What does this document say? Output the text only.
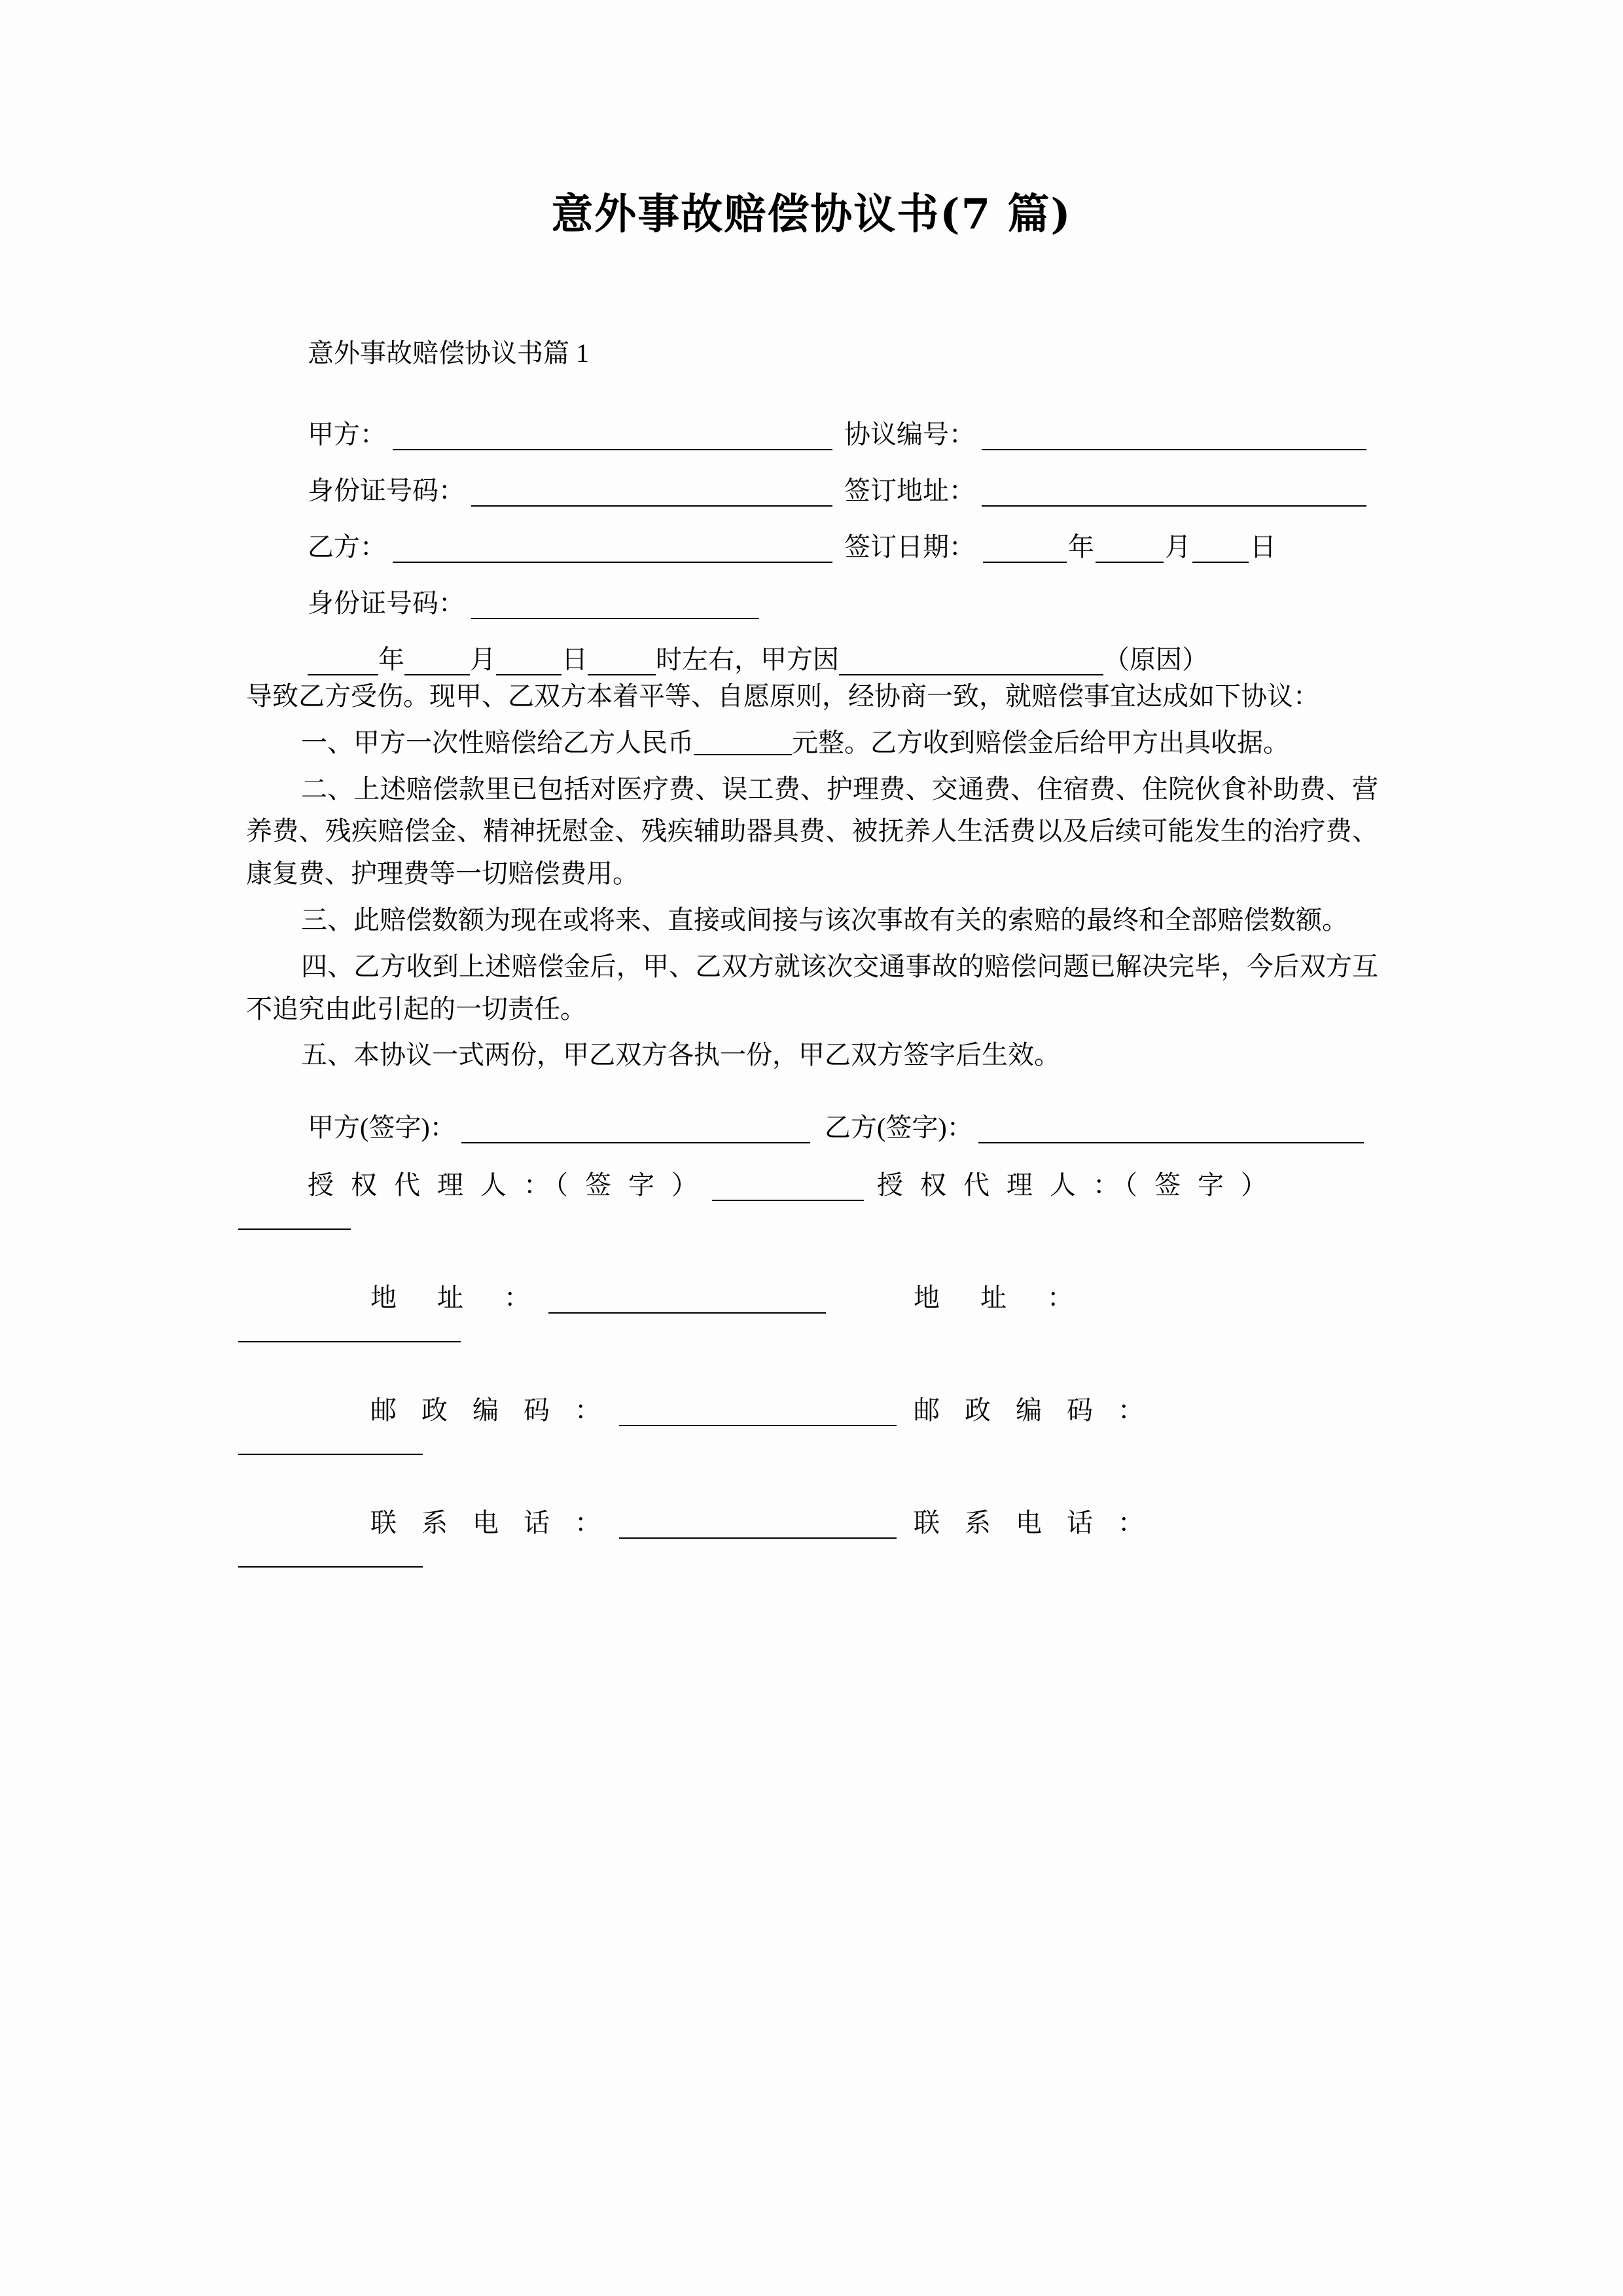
意外事故赔偿协议书(7 篇)
意外事故赔偿协议书篇 1
甲方：	协议编号：
身份证号码：	签订地址：
乙方：	签订日期：	年	月 日
身份证号码：
年	月	日	时左右，甲方因	（原因）

导致乙方受伤。现甲、乙双方本着平等、自愿原则，经协商一致，就赔偿事宜达成如下协议：

一、甲方一次性赔偿给乙方人民币	元整。乙方收到赔偿金后给甲方出具收据。

二、上述赔偿款里已包括对医疗费、误工费、护理费、交通费、住宿费、住院伙食补助费、营养费、残疾赔偿金、精神抚慰金、残疾辅助器具费、被抚养人生活费以及后续可能发生的治疗费、康复费、护理费等一切赔偿费用。

三、此赔偿数额为现在或将来、直接或间接与该次事故有关的索赔的最终和全部赔偿数额。

四、乙方收到上述赔偿金后，甲、乙双方就该次交通事故的赔偿问题已解决完毕，今后双方互不追究由此引起的一切责任。

五、本协议一式两份，甲乙双方各执一份，甲乙双方签字后生效。

甲方(签字)：	乙方(签字)：
授 权 代 理 人 ：（ 签 字 ）	授 权 代 理 人 ：（ 签 字 ）
地  址  ：	地  址  ：
邮 政 编 码 ：	邮 政 编 码 ：
联 系 电 话 ：	联 系 电 话 ：
